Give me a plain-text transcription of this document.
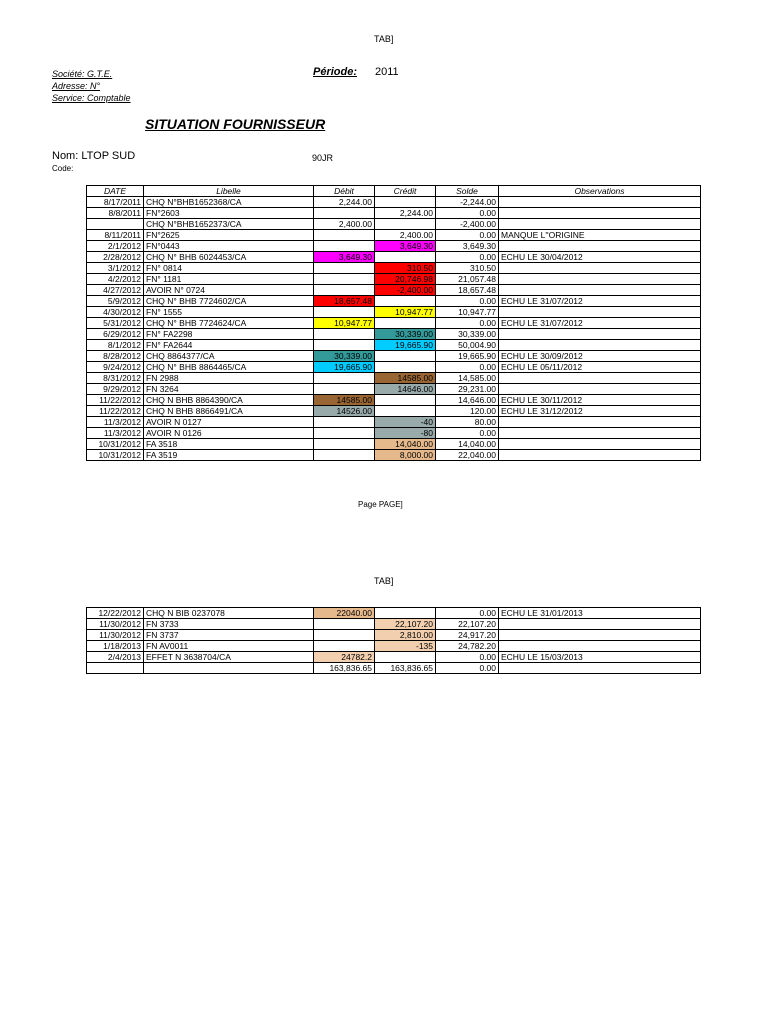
TAB]
Société: G.T.E.
Adresse: N°
Service: Comptable
Période: 2011
SITUATION FOURNISSEUR
Nom: LTOP SUD	90JR
Code:
DATE	Libelle	Débit	Crédit	Solde	Observations
8/17/2011	CHQ N°BHB1652368/CA	2,244.00		-2,244.00	
8/8/2011	FN°2603		2,244.00	0.00	
	CHQ N°BHB1652373/CA	2,400.00		-2,400.00	
8/11/2011	FN°2625		2,400.00	0.00	MANQUE L''ORIGINE
2/1/2012	FN°0443		3,649.30	3,649.30	
2/28/2012	CHQ N° BHB 6024453/CA	3,649.30		0.00	ECHU LE 30/04/2012
3/1/2012	FN° 0814		310.50	310.50	
4/2/2012	FN° 1181		20,746.98	21,057.48	
4/27/2012	AVOIR N° 0724		-2,400.00	18,657.48	
5/9/2012	CHQ N° BHB 7724602/CA	18,657.48		0.00	ECHU LE 31/07/2012
4/30/2012	FN° 1555		10,947.77	10,947.77	
5/31/2012	CHQ N° BHB 7724624/CA	10,947.77		0.00	ECHU LE 31/07/2012
6/29/2012	FN° FA2298		30,339.00	30,339.00	
8/1/2012	FN° FA2644		19,665.90	50,004.90	
8/28/2012	CHQ 8864377/CA	30,339.00		19,665.90	ECHU LE 30/09/2012
9/24/2012	CHQ N° BHB 8864465/CA	19,665.90		0.00	ECHU LE 05/11/2012
8/31/2012	FN 2988		14585.00	14,585.00	
9/29/2012	FN 3264		14646.00	29,231.00	
11/22/2012	CHQ N BHB 8864390/CA	14585.00		14,646.00	ECHU LE 30/11/2012
11/22/2012	CHQ N BHB 8866491/CA	14526.00		120.00	ECHU LE 31/12/2012
11/3/2012	AVOIR N 0127		-40	80.00	
11/3/2012	AVOIR N 0126		-80	0.00	
10/31/2012	FA 3518		14,040.00	14,040.00	
10/31/2012	FA 3519		8,000.00	22,040.00	
Page PAGE]
TAB]
12/22/2012	CHQ N BIB 0237078	22040.00		0.00	ECHU LE 31/01/2013
11/30/2012	FN 3733		22,107.20	22,107.20	
11/30/2012	FN 3737		2,810.00	24,917.20	
1/18/2013	FN AV0011		-135	24,782.20	
2/4/2013	EFFET N 3638704/CA	24782.2		0.00	ECHU LE 15/03/2013
		163,836.65	163,836.65	0.00	
